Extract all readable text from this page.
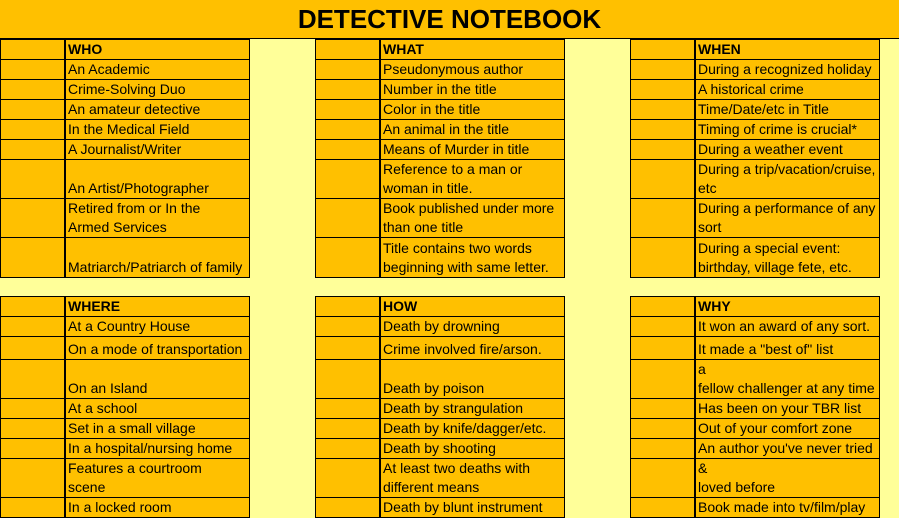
DETECTIVE NOTEBOOK
WHO
An Academic
Crime-Solving Duo
An amateur detective
In the Medical Field
A Journalist/Writer
An Artist/Photographer
Retired from or In the
Armed Services
Matriarch/Patriarch of family
WHAT
Pseudonymous author
Number in the title
Color in the title
An animal in the title
Means of Murder in title
Reference to a man or
woman in title.
Book published under more
than one title
Title contains two words
beginning with same letter.
WHEN
During a recognized holiday
A historical crime
Time/Date/etc in Title
Timing of crime is crucial*
During a weather event
During a trip/vacation/cruise,
etc
During a performance of any
sort
During a special event:
birthday, village fete, etc.
WHERE
At a Country House
On a mode of transportation
On an Island
At a school
Set in a small village
In a hospital/nursing home
Features a courtroom
scene
In a locked room
HOW
Death by drowning
Crime involved fire/arson.
Death by poison
Death by strangulation
Death by knife/dagger/etc.
Death by shooting
At least two deaths with
different means
Death by blunt instrument
WHY
It won an award of any sort.
It made a "best of" list
a
fellow challenger at any time
Has been on your TBR list
Out of your comfort zone
An author you've never tried
&
loved before
Book made into tv/film/play
